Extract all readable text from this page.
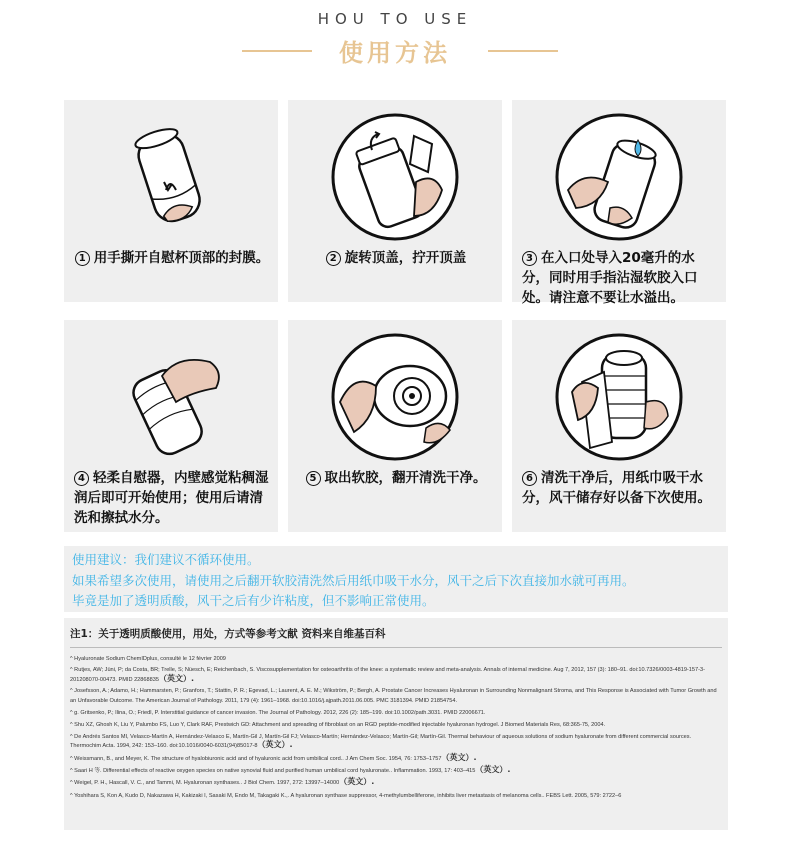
HOU TO USE
使用方法
1 用手撕开自慰杯顶部的封膜。	2 旋转顶盖，拧开顶盖	3 在入口处导入20毫升的水分，同时用手指沾湿软胶入口处。请注意不要让水溢出。
4 轻柔自慰器，内壁感觉粘稠湿润后即可开始使用；使用后请清洗和擦拭水分。
5 取出软胶，翻开清洗干净。	6 清洗干净后，用纸巾吸干水分，风干储存好以备下次使用。
使用建议：我们建议不循环使用。
如果希望多次使用，请使用之后翻开软胶清洗然后用纸巾吸干水分，风干之后下次直接加水就可再用。
毕竟是加了透明质酸，风干之后有少许粘度，但不影响正常使用。
注1：关于透明质酸使用，用处，方式等参考文献 资料来自维基百科
^ Hyaluronate Sodium ChemIDplus, consulté le 12 février 2009
^ Rutjes, AW; Jüni, P; da Costa, BR; Trelle, S; Nüesch, E; Reichenbach, S. Viscosupplementation for osteoarthritis of the knee: a systematic review and meta-analysis. Annals of internal medicine. Aug 7, 2012, 157 (3): 180–91. doi:10.7326/0003-4819-157-3-201208070-00473. PMID 22868835（英文）.
^ Josefsson, A.; Adamo, H.; Hammarsten, P.; Granfors, T.; Stattin, P. R.; Egevad, L.; Laurent, A. E. M.; Wikström, P.; Bergh, A. Prostate Cancer Increases Hyaluronan in Surrounding Nonmalignant Stroma, and This Response is Associated with Tumor Growth and an Unfavorable Outcome. The American Journal of Pathology. 2011, 179 (4): 1961–1968. doi:10.1016/j.ajpath.2011.06.005. PMC 3181394. PMID 21854754.
^ g. Gritsenko, P.; Ilina, O.; Friedl, P. Interstitial guidance of cancer invasion. The Journal of Pathology. 2012, 226 (2): 185–199. doi:10.1002/path.3031. PMID 22006671.
^ Shu XZ, Ghosh K, Liu Y, Palumbo FS, Luo Y, Clark RAF, Prestwich GD: Attachment and spreading of fibroblast on an RGD peptide-modified injectable hyaluronan hydrogel. J Biomed Materials Res, 68:365-75, 2004.
^ De Andrés Santos MI, Velasco-Martín A, Hernández-Velasco E, Martín-Gil J, Martín-Gil FJ; Velasco-Martín; Hernández-Velasco; Martín-Gil; Martín-Gil. Thermal behaviour of aqueous solutions of sodium hyaluronate from different commercial sources. Thermochim Acta. 1994, 242: 153–160. doi:10.1016/0040-6031(94)85017-8（英文）.
^ Weissmann, B., and Meyer, K. The structure of hyalobiuronic acid and of hyaluronic acid from umbilical cord.. J Am Chem Soc. 1954, 76: 1753–1757（英文）.
^ Saari H 等. Differential effects of reactive oxygen species on native synovial fluid and purified human umbilical cord hyaluronate.. Inflammation. 1993, 17: 403–415（英文）.
^ Weigel, P. H., Hascall, V. C., and Tammi, M. Hyaluronan synthases.. J Biol Chem. 1997, 272: 13997–14000（英文）.
^ Yoshihara S, Kon A, Kudo D, Nakazawa H, Kakizaki I, Sasaki M, Endo M, Takagaki K.,. A hyaluronan synthase suppressor, 4-methylumbelliferone, inhibits liver metastasis of melanoma cells.. FEBS Lett. 2005, 579: 2722–6
